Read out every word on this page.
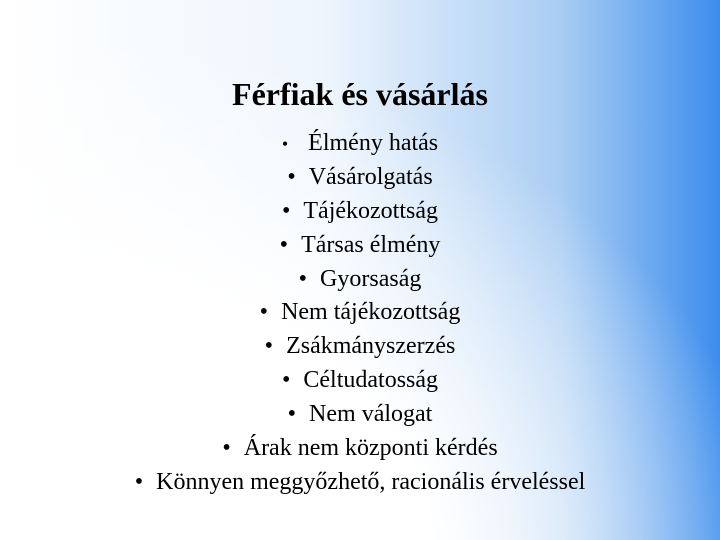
Férfiak és vásárlás
• Élmény hatás
• Vásárolgatás
• Tájékozottság
• Társas élmény
• Gyorsaság
• Nem tájékozottság
• Zsákmányszerzés
• Céltudatosság
• Nem válogat
• Árak nem központi kérdés
• Könnyen meggyőzhető, racionális érveléssel
